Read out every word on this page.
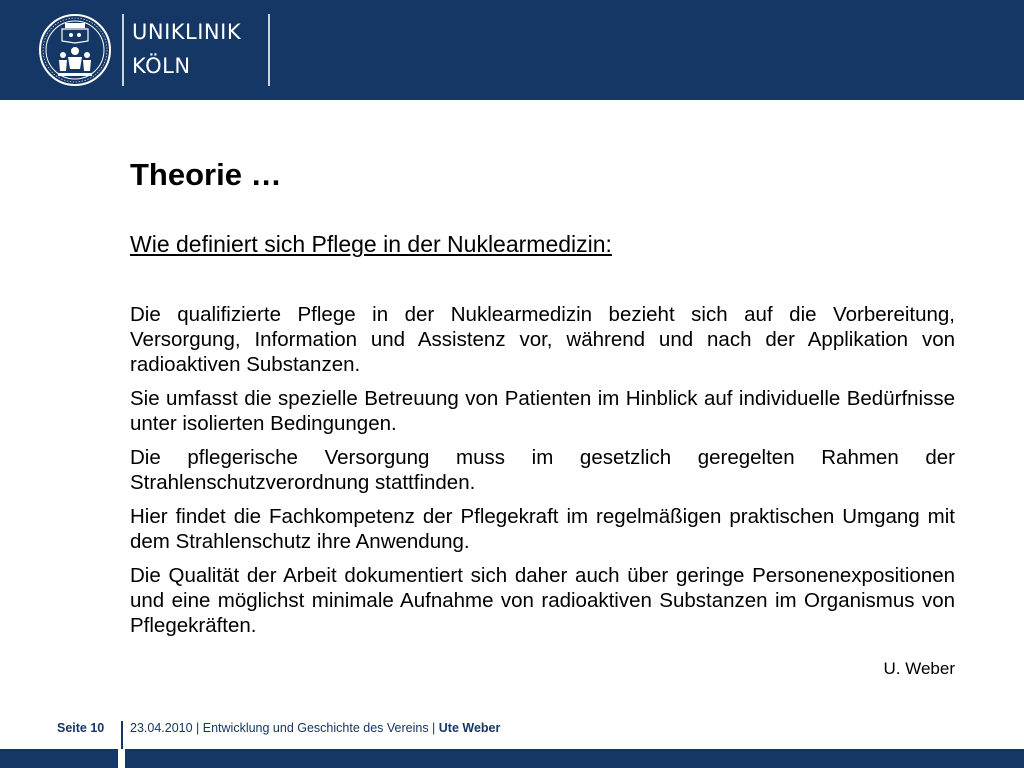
UNIKLINIK
KÖLN
Theorie …
Wie definiert sich Pflege in der Nuklearmedizin:

Die qualifizierte Pflege in der Nuklearmedizin bezieht sich auf die Vorbereitung, Versorgung, Information und Assistenz vor, während und nach der Applikation von radioaktiven Substanzen.

Sie umfasst die spezielle Betreuung von Patienten im Hinblick auf individuelle Bedürfnisse unter isolierten Bedingungen.

Die pflegerische Versorgung muss im gesetzlich geregelten Rahmen der Strahlenschutzverordnung stattfinden.

Hier findet die Fachkompetenz der Pflegekraft im regelmäßigen praktischen Umgang mit dem Strahlenschutz ihre Anwendung.

Die Qualität der Arbeit dokumentiert sich daher auch über geringe Personenexpositionen und eine möglichst minimale Aufnahme von radioaktiven Substanzen im Organismus von Pflegekräften.

U. Weber
Seite 10 23.04.2010 | Entwicklung und Geschichte des Vereins | Ute Weber
